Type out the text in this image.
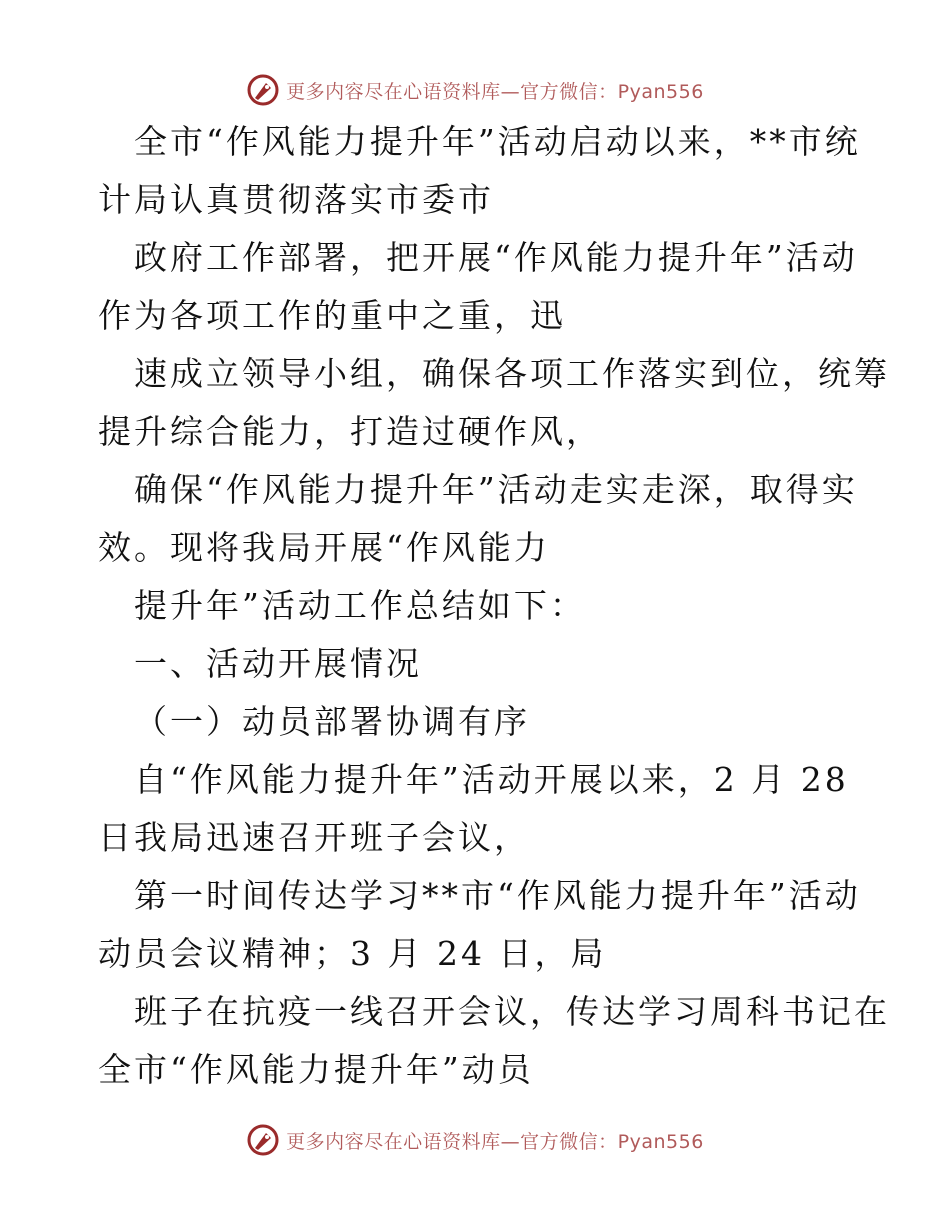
更多内容尽在心语资料库—官方微信：Pyan556
全市“作风能力提升年”活动启动以来，**市统
计局认真贯彻落实市委市
政府工作部署，把开展“作风能力提升年”活动
作为各项工作的重中之重，迅
速成立领导小组，确保各项工作落实到位，统筹
提升综合能力，打造过硬作风，
确保“作风能力提升年”活动走实走深，取得实
效。现将我局开展“作风能力
提升年”活动工作总结如下：
一、活动开展情况
（一）动员部署协调有序
自“作风能力提升年”活动开展以来，2 月 28
日我局迅速召开班子会议，
第一时间传达学习**市“作风能力提升年”活动
动员会议精神；3 月 24 日，局
班子在抗疫一线召开会议，传达学习周科书记在
全市“作风能力提升年”动员
更多内容尽在心语资料库—官方微信：Pyan556
